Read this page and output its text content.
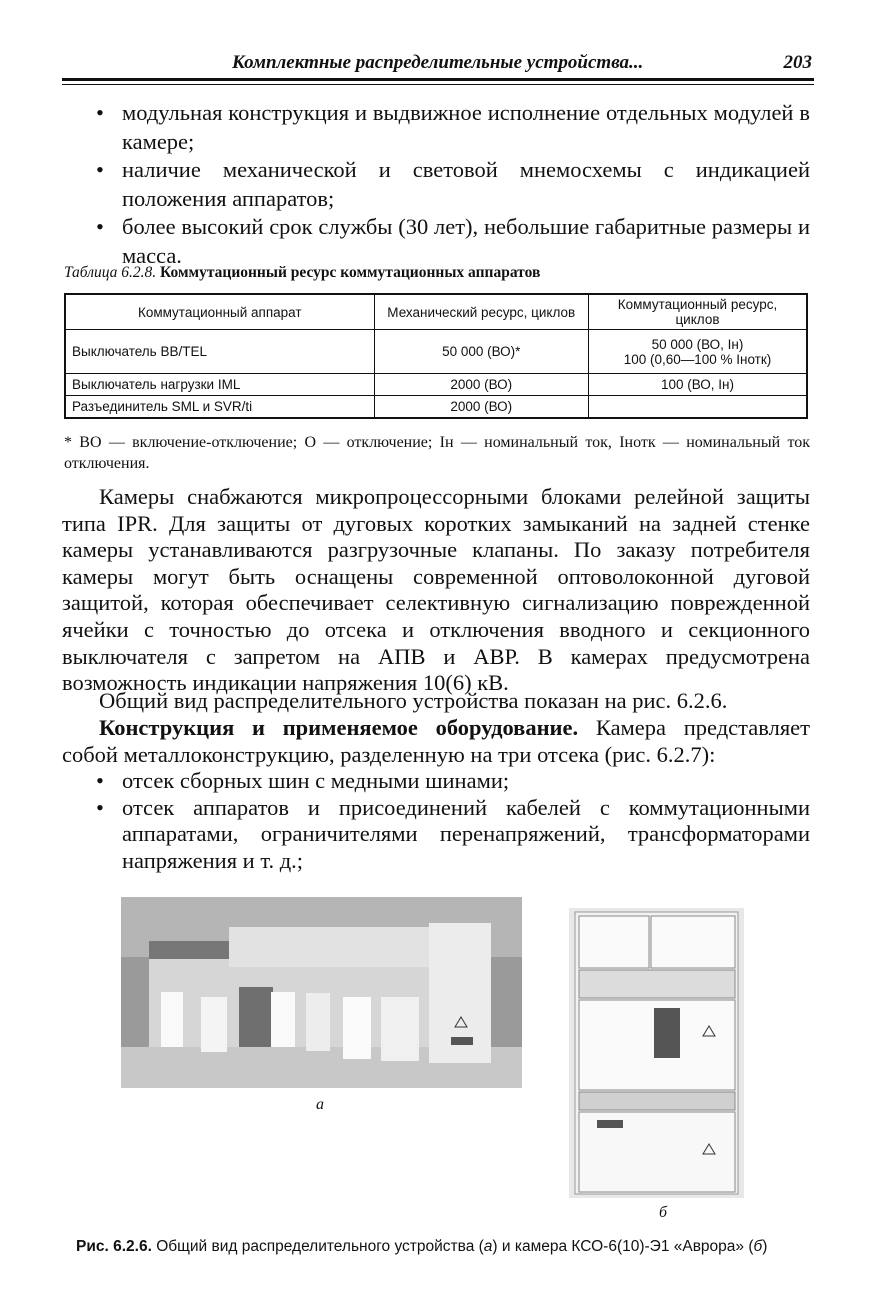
Комплектные распределительные устройства...	203
• модульная конструкция и выдвижное исполнение отдельных модулей в камере;
• наличие механической и световой мнемосхемы с индикацией положения аппаратов;
• более высокий срок службы (30 лет), небольшие габаритные размеры и масса.
Таблица 6.2.8. Коммутационный ресурс коммутационных аппаратов
Коммутационный аппарат	Механический ресурс, циклов	Коммутационный ресурс, циклов
Выключатель BB/TEL	50 000 (ВО)*	50 000 (ВО, Iн)
100 (0,60—100 % Iнотк)

Выключатель нагрузки IML	2000 (ВО)	100 (ВО, Iн)
Разъединитель SML и SVR/ti	2000 (ВО)	
* ВО — включение-отключение; О — отключение; Iн — номинальный ток, Iнотк — номинальный ток отключения.

Камеры снабжаются микропроцессорными блоками релейной защиты типа IPR. Для защиты от дуговых коротких замыканий на задней стенке камеры устанавливаются разгрузочные клапаны. По заказу потребителя камеры могут быть оснащены современной оптоволоконной дуговой защитой, которая обеспечивает селективную сигнализацию поврежденной ячейки с точностью до отсека и отключения вводного и секционного выключателя с запретом на АПВ и АВР. В камерах предусмотрена возможность индикации напряжения 10(6) кВ.

Общий вид распределительного устройства показан на рис. 6.2.6.

Конструкция и применяемое оборудование. Камера представляет собой металлоконструкцию, разделенную на три отсека (рис. 6.2.7):

• отсек сборных шин с медными шинами;
• отсек аппаратов и присоединений кабелей с коммутационными аппаратами, ограничителями перенапряжений, трансформаторами напряжения и т. д.;
а
б
Рис. 6.2.6. Общий вид распределительного устройства (а) и камера КСО-6(10)-Э1 «Аврора» (б)
